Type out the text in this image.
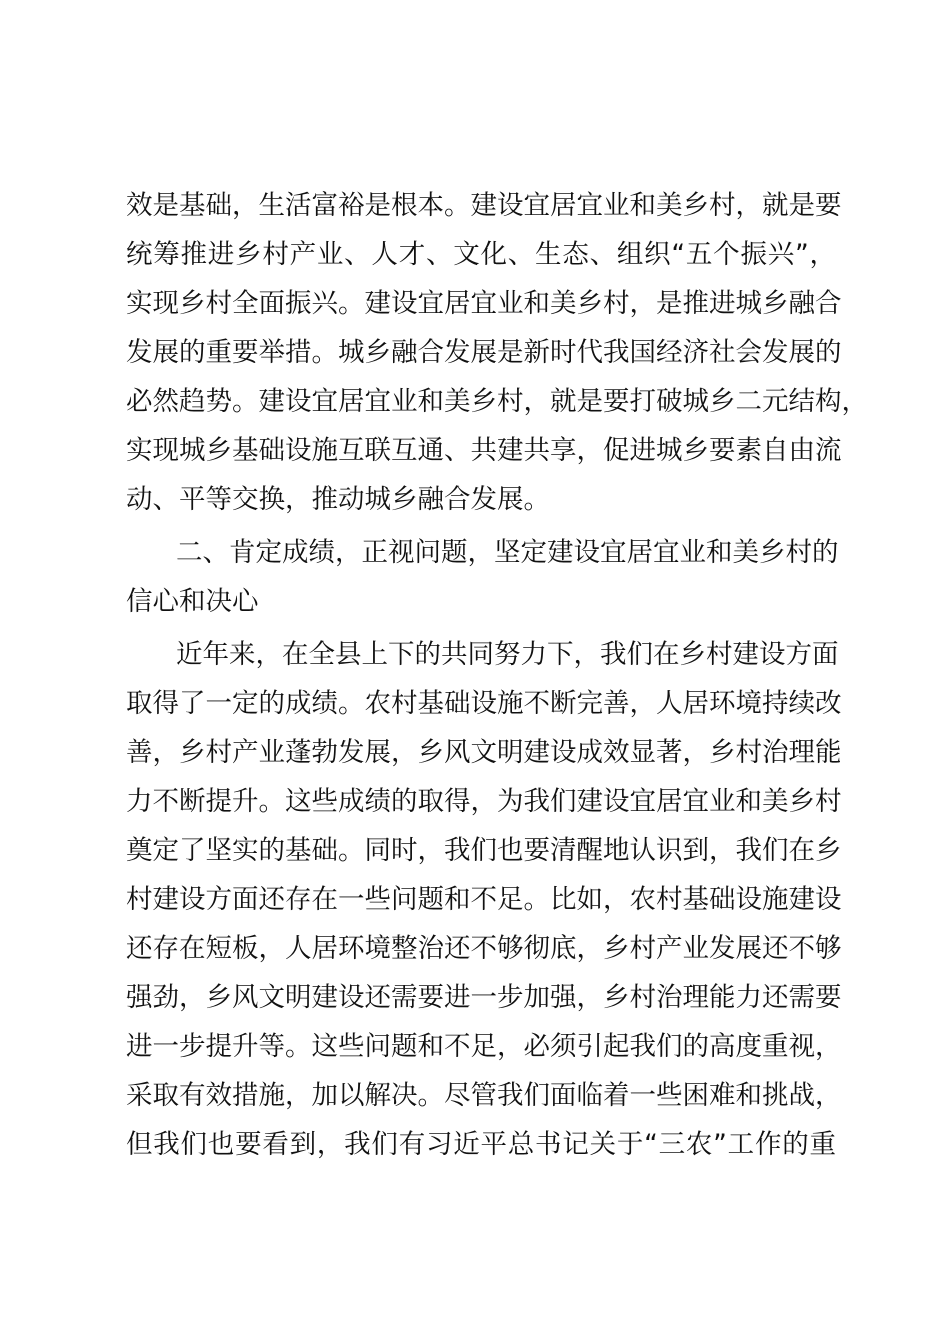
效是基础，生活富裕是根本。建设宜居宜业和美乡村，就是要
统筹推进乡村产业、人才、文化、生态、组织“五个振兴”，
实现乡村全面振兴。建设宜居宜业和美乡村，是推进城乡融合
发展的重要举措。城乡融合发展是新时代我国经济社会发展的
必然趋势。建设宜居宜业和美乡村，就是要打破城乡二元结构，
实现城乡基础设施互联互通、共建共享，促进城乡要素自由流
动、平等交换，推动城乡融合发展。
二、肯定成绩，正视问题，坚定建设宜居宜业和美乡村的
信心和决心
近年来，在全县上下的共同努力下，我们在乡村建设方面
取得了一定的成绩。农村基础设施不断完善，人居环境持续改
善，乡村产业蓬勃发展，乡风文明建设成效显著，乡村治理能
力不断提升。这些成绩的取得，为我们建设宜居宜业和美乡村
奠定了坚实的基础。同时，我们也要清醒地认识到，我们在乡
村建设方面还存在一些问题和不足。比如，农村基础设施建设
还存在短板，人居环境整治还不够彻底，乡村产业发展还不够
强劲，乡风文明建设还需要进一步加强，乡村治理能力还需要
进一步提升等。这些问题和不足，必须引起我们的高度重视，
采取有效措施，加以解决。尽管我们面临着一些困难和挑战，
但我们也要看到，我们有习近平总书记关于“三农”工作的重
